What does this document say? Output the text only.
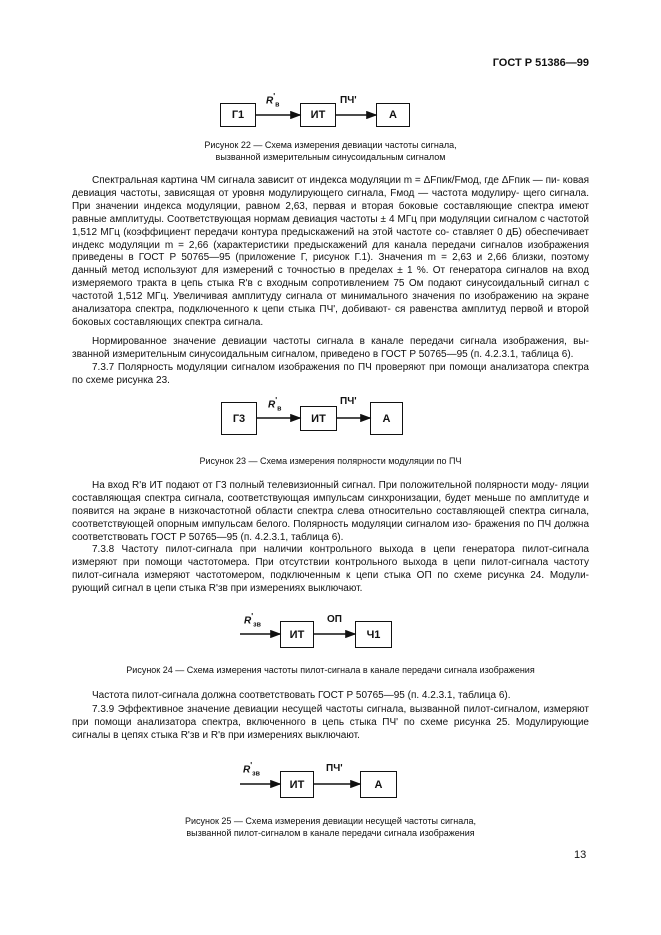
ГОСТ Р 51386—99
$R'_в$
Г1	ИТ
ПЧ'
А

Рисунок 22 — Схема измерения девиации частоты сигнала,
вызванной измерительным синусоидальным сигналом

Спектральная картина ЧМ сигнала зависит от индекса модуляции m = ΔFпик/Fмод, где ΔFпик — пи- ковая девиация частоты, зависящая от уровня модулирующего сигнала, Fмод — частота модулиру- щего сигнала. При значении индекса модуляции, равном 2,63, первая и вторая боковые составляющие спектра имеют равные амплитуды. Соответствующая нормам девиация частоты ± 4 МГц при модуляции сигналом с частотой 1,512 МГц (коэффициент передачи контура предыскажений на этой частоте со- ставляет 0 дБ) обеспечивает индекс модуляции m = 2,66 (характеристики предыскажений для канала передачи сигналов изображения приведены в ГОСТ Р 50765—95 (приложение Г, рисунок Г.1). Значения m = 2,63 и 2,66 близки, поэтому данный метод используют для измерений с точностью в пределах ± 1 %. От генератора сигналов на вход измеряемого тракта в цепь стыка R'в с входным сопротивлением 75 Ом подают синусоидальный сигнал с частотой 1,512 МГц. Увеличивая амплитуду сигнала от минимального значения по изображению на экране анализатора спектра, подключенного к цепи стыка ПЧ', добивают- ся равенства амплитуд первой и второй боковых составляющих спектра сигнала.

Нормированное значение девиации частоты сигнала в канале передачи сигнала изображения, вы- званной измерительным синусоидальным сигналом, приведено в ГОСТ Р 50765—95 (п. 4.2.3.1, таблица 6).

7.3.7 Полярность модуляции сигналом изображения по ПЧ проверяют при помощи анализатора спектра по схеме рисунка 23.

$R'_в$
Г3	ИТ
ПЧ'
А

Рисунок 23 — Схема измерения полярности модуляции по ПЧ

На вход R'в ИТ подают от Г3 полный телевизионный сигнал. При положительной полярности моду- ляции составляющая спектра сигнала, соответствующая импульсам синхронизации, будет меньше по амплитуде и появится на экране в низкочастотной области спектра слева относительно составляющей спектра сигнала, соответствующей опорным импульсам белого. Полярность модуляции сигналом изо- бражения по ПЧ должна соответствовать ГОСТ Р 50765—95 (п. 4.2.3.1, таблица 6).

7.3.8 Частоту пилот-сигнала при наличии контрольного выхода в цепи генератора пилот-сигнала измеряют при помощи частотомера. При отсутствии контрольного выхода в цепи пилот-сигнала частоту пилот-сигнала измеряют частотомером, подключенным к цепи стыка ОП по схеме рисунка 24. Модули- рующий сигнал в цепи стыка R'зв при измерениях выключают.

$R'_{зв}$
ИТ
ОП
Ч1

Рисунок 24 — Схема измерения частоты пилот-сигнала в канале передачи сигнала изображения

Частота пилот-сигнала должна соответствовать ГОСТ Р 50765—95 (п. 4.2.3.1, таблица 6).

7.3.9 Эффективное значение девиации несущей частоты сигнала, вызванной пилот-сигналом, измеряют при помощи анализатора спектра, включенного в цепь стыка ПЧ' по схеме рисунка 25. Модулирующие сигналы в цепях стыка R'зв и R'в при измерениях выключают.

$R'_{зв}$
ИТ
ПЧ'
А

Рисунок 25 — Схема измерения девиации несущей частоты сигнала,
вызванной пилот-сигналом в канале передачи сигнала изображения

13
